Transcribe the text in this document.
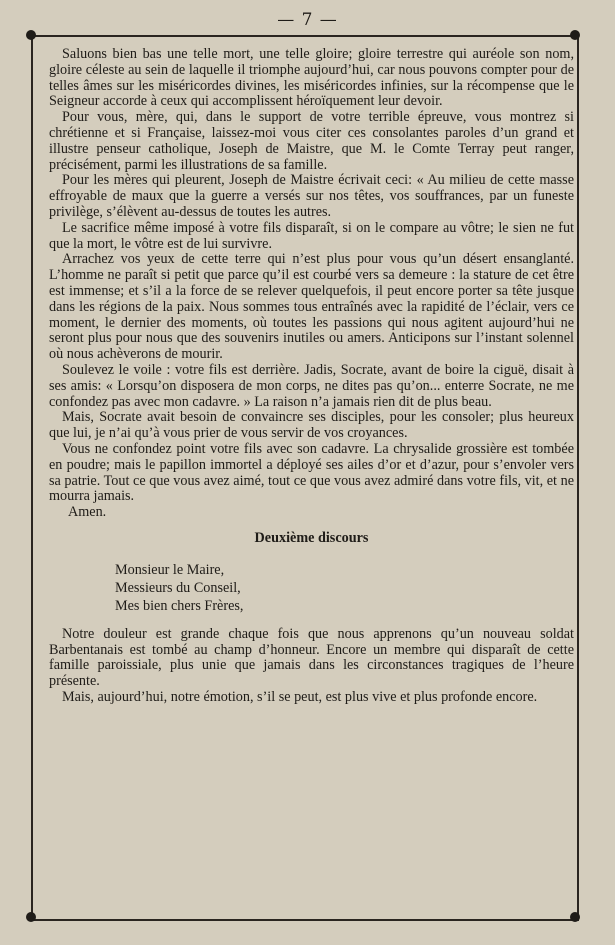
— 7 —

Saluons bien bas une telle mort, une telle gloire; gloire terrestre qui auréole son nom, gloire céleste au sein de laquelle il triomphe aujourd’hui, car nous pouvons compter pour de telles âmes sur les miséricordes divines, les miséricordes infinies, sur la récompense que le Seigneur accorde à ceux qui accomplissent héroïquement leur devoir.

Pour vous, mère, qui, dans le support de votre terrible épreuve, vous montrez si chrétienne et si Française, laissez-moi vous citer ces consolantes paroles d’un grand et illustre penseur catholique, Joseph de Maistre, que M. le Comte Terray peut ranger, précisément, parmi les illustrations de sa famille.

Pour les mères qui pleurent, Joseph de Maistre écrivait ceci: « Au milieu de cette masse effroyable de maux que la guerre a versés sur nos têtes, vos souffrances, par un funeste privilège, s’élèvent au-dessus de toutes les autres.

Le sacrifice même imposé à votre fils disparaît, si on le compare au vôtre; le sien ne fut que la mort, le vôtre est de lui survivre.

Arrachez vos yeux de cette terre qui n’est plus pour vous qu’un désert ensanglanté. L’homme ne paraît si petit que parce qu’il est courbé vers sa demeure : la stature de cet être est immense; et s’il a la force de se relever quelquefois, il peut encore porter sa tête jusque dans les régions de la paix. Nous sommes tous entraînés avec la rapidité de l’éclair, vers ce moment, le dernier des moments, où toutes les passions qui nous agitent aujourd’hui ne seront plus pour nous que des souvenirs inutiles ou amers. Anticipons sur l’instant solennel où nous achèverons de mourir.

Soulevez le voile : votre fils est derrière. Jadis, Socrate, avant de boire la ciguë, disait à ses amis: « Lorsqu’on disposera de mon corps, ne dites pas qu’on... enterre Socrate, ne me confondez pas avec mon cadavre. » La raison n’a jamais rien dit de plus beau.

Mais, Socrate avait besoin de convaincre ses disciples, pour les consoler; plus heureux que lui, je n’ai qu’à vous prier de vous servir de vos croyances.

Vous ne confondez point votre fils avec son cadavre. La chrysalide grossière est tombée en poudre; mais le papillon immortel a déployé ses ailes d’or et d’azur, pour s’envoler vers sa patrie. Tout ce que vous avez aimé, tout ce que vous avez admiré dans votre fils, vit, et ne mourra jamais.

Amen.

Deuxième discours
Monsieur le Maire,
Messieurs du Conseil,
Mes bien chers Frères,

Notre douleur est grande chaque fois que nous apprenons qu’un nouveau soldat Barbentanais est tombé au champ d’honneur. Encore un membre qui disparaît de cette famille paroissiale, plus unie que jamais dans les circonstances tragiques de l’heure présente.

Mais, aujourd’hui, notre émotion, s’il se peut, est plus vive et plus profonde encore.
